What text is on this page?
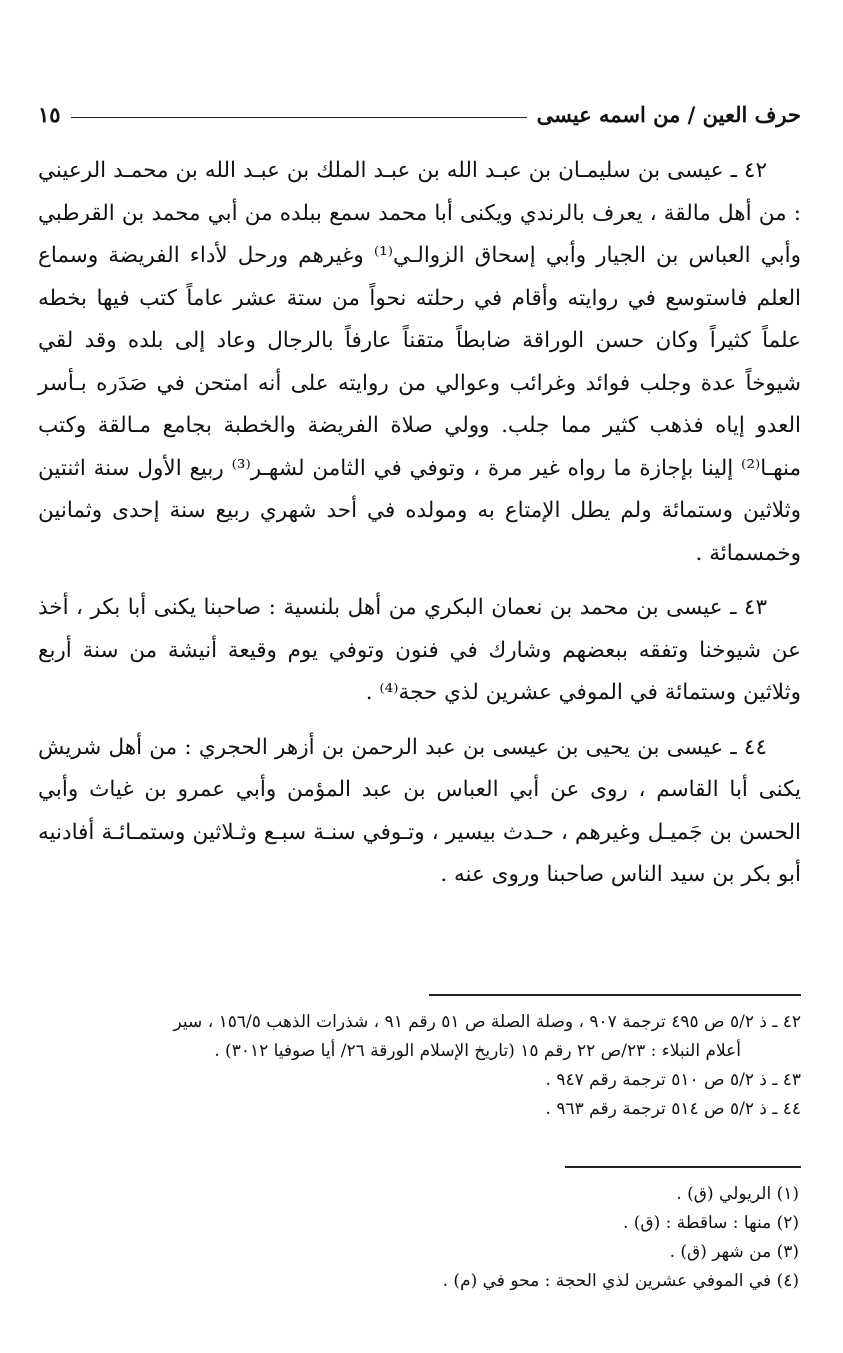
حرف العين / من اسمه عيسى
١٥

٤٢ ـ عيسى بن سليمـان بن عبـد الله بن عبـد الملك بن عبـد الله بن محمـد الرعيني : من أهل مالقة ، يعرف بالرندي ويكنى أبا محمد سمع ببلده من أبي محمد بن القرطبي وأبي العباس بن الجيار وأبي إسحاق الزوالـي⁽¹⁾ وغيرهم ورحل لأداء الفريضة وسماع العلم فاستوسع في روايته وأقام في رحلته نحواً من ستة عشر عاماً كتب فيها بخطه علماً كثيراً وكان حسن الوراقة ضابطاً متقناً عارفاً بالرجال وعاد إلى بلده وقد لقي شيوخاً عدة وجلب فوائد وغرائب وعوالي من روايته على أنه امتحن في صَدَره بـأسر العدو إياه فذهب كثير مما جلب. وولي صلاة الفريضة والخطبة بجامع مـالقة وكتب منهـا⁽²⁾ إلينا بإجازة ما رواه غير مرة ، وتوفي في الثامن لشهـر⁽³⁾ ربيع الأول سنة اثنتين وثلاثين وستمائة ولم يطل الإمتاع به ومولده في أحد شهري ربيع سنة إحدى وثمانين وخمسمائة .

٤٣ ـ عيسى بن محمد بن نعمان البكري من أهل بلنسية : صاحبنا يكنى أبا بكر ، أخذ عن شيوخنا وتفقه ببعضهم وشارك في فنون وتوفي يوم وقيعة أنيشة من سنة أربع وثلاثين وستمائة في الموفي عشرين لذي حجة⁽⁴⁾ .

٤٤ ـ عيسى بن يحيى بن عيسى بن عبد الرحمن بن أزهر الحجري : من أهل شريش يكنى أبا القاسم ، روى عن أبي العباس بن عبد المؤمن وأبي عمرو بن غياث وأبي الحسن بن جَميـل وغيرهم ، حـدث بيسير ، وتـوفي سنـة سبـع وثـلاثين وستمـائـة أفادنيه أبو بكر بن سيد الناس صاحبنا وروى عنه .

٤٢ ـ ذ ٥/٢ ص ٤٩٥ ترجمة ٩٠٧ ، وصلة الصلة ص ٥١ رقم ٩١ ، شذرات الذهب ١٥٦/٥ ، سير

أعلام النبلاء : ٢٣/ص ٢٢ رقم ١٥ (تاريخ الإسلام الورقة ٢٦/ أيا صوفيا ٣٠١٢) .

٤٣ ـ ذ ٥/٢ ص ٥١٠ ترجمة رقم ٩٤٧ .

٤٤ ـ ذ ٥/٢ ص ٥١٤ ترجمة رقم ٩٦٣ .

(١) الريولي (ق) .

(٢) منها : ساقطة : (ق) .

(٣) من شهر (ق) .

(٤) في الموفي عشرين لذي الحجة : محو في (م) .
